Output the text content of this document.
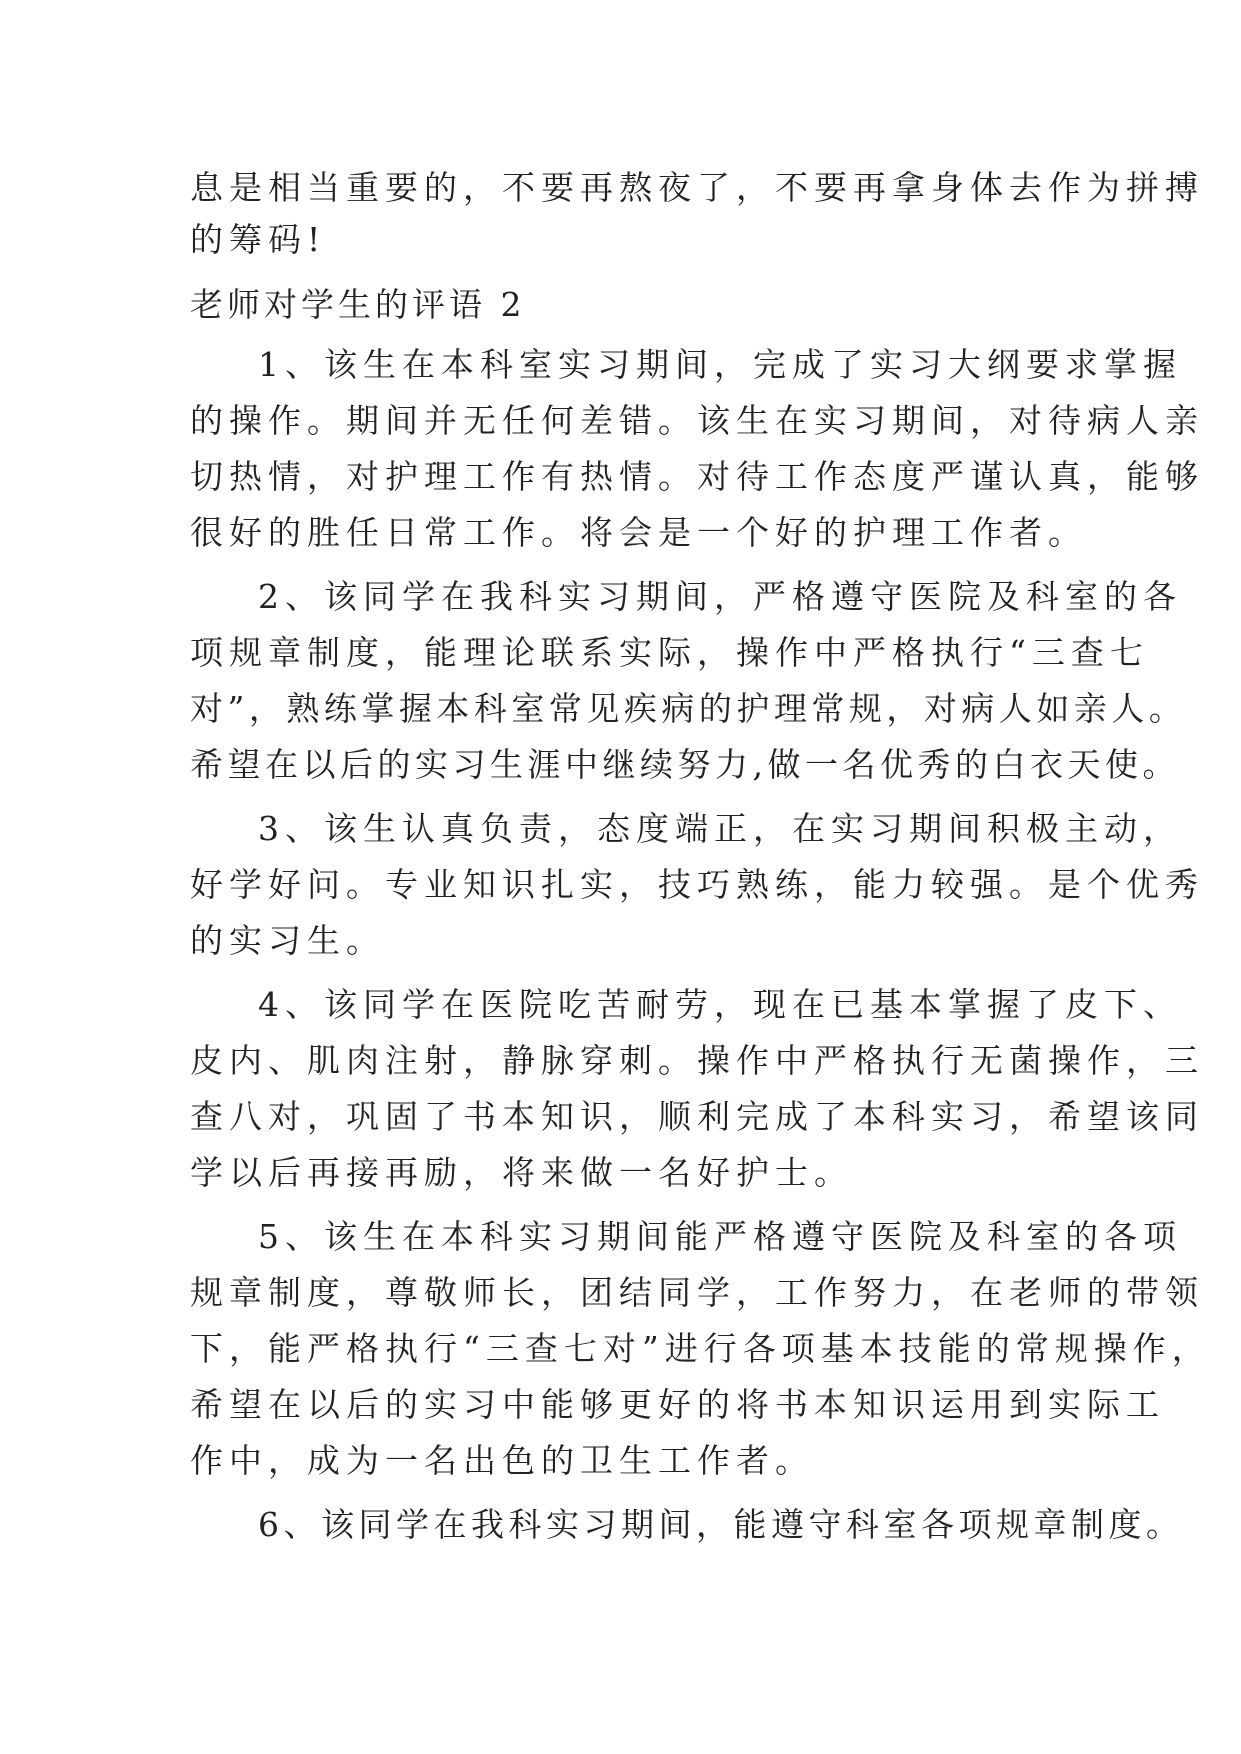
息是相当重要的，不要再熬夜了，不要再拿身体去作为拼搏
的筹码!
老师对学生的评语 2
1、该生在本科室实习期间，完成了实习大纲要求掌握
的操作。期间并无任何差错。该生在实习期间，对待病人亲
切热情，对护理工作有热情。对待工作态度严谨认真，能够
很好的胜任日常工作。将会是一个好的护理工作者。
2、该同学在我科实习期间，严格遵守医院及科室的各
项规章制度，能理论联系实际，操作中严格执行“三查七
对”，熟练掌握本科室常见疾病的护理常规，对病人如亲人。
希望在以后的实习生涯中继续努力,做一名优秀的白衣天使。
3、该生认真负责，态度端正，在实习期间积极主动，
好学好问。专业知识扎实，技巧熟练，能力较强。是个优秀
的实习生。
4、该同学在医院吃苦耐劳，现在已基本掌握了皮下、
皮内、肌肉注射，静脉穿刺。操作中严格执行无菌操作，三
查八对，巩固了书本知识，顺利完成了本科实习，希望该同
学以后再接再励，将来做一名好护士。
5、该生在本科实习期间能严格遵守医院及科室的各项
规章制度，尊敬师长，团结同学，工作努力，在老师的带领
下，能严格执行“三查七对”进行各项基本技能的常规操作，
希望在以后的实习中能够更好的将书本知识运用到实际工
作中，成为一名出色的卫生工作者。
6、该同学在我科实习期间，能遵守科室各项规章制度。
